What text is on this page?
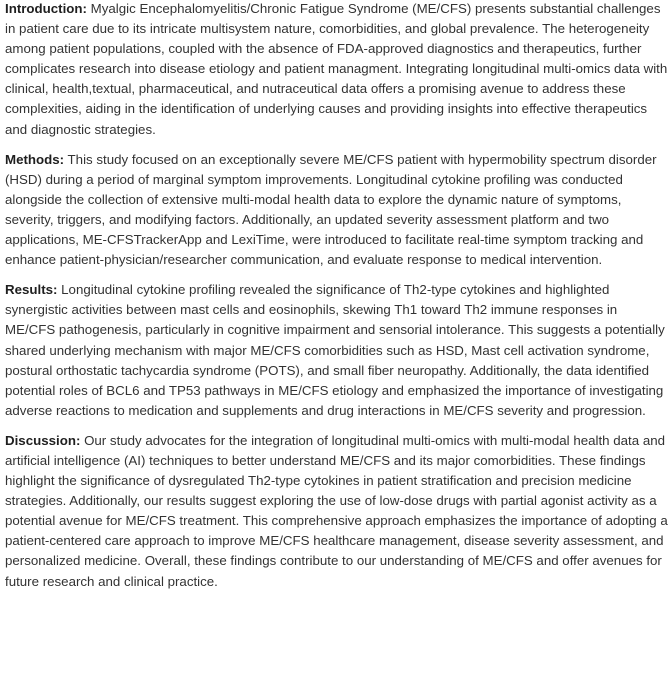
Introduction: Myalgic Encephalomyelitis/Chronic Fatigue Syndrome (ME/CFS) presents substantial challenges in patient care due to its intricate multisystem nature, comorbidities, and global prevalence. The heterogeneity among patient populations, coupled with the absence of FDA-approved diagnostics and therapeutics, further complicates research into disease etiology and patient managment. Integrating longitudinal multi-omics data with clinical, health,textual, pharmaceutical, and nutraceutical data offers a promising avenue to address these complexities, aiding in the identification of underlying causes and providing insights into effective therapeutics and diagnostic strategies.

Methods: This study focused on an exceptionally severe ME/CFS patient with hypermobility spectrum disorder (HSD) during a period of marginal symptom improvements. Longitudinal cytokine profiling was conducted alongside the collection of extensive multi-modal health data to explore the dynamic nature of symptoms, severity, triggers, and modifying factors. Additionally, an updated severity assessment platform and two applications, ME-CFSTrackerApp and LexiTime, were introduced to facilitate real-time symptom tracking and enhance patient-physician/researcher communication, and evaluate response to medical intervention.

Results: Longitudinal cytokine profiling revealed the significance of Th2-type cytokines and highlighted synergistic activities between mast cells and eosinophils, skewing Th1 toward Th2 immune responses in ME/CFS pathogenesis, particularly in cognitive impairment and sensorial intolerance. This suggests a potentially shared underlying mechanism with major ME/CFS comorbidities such as HSD, Mast cell activation syndrome, postural orthostatic tachycardia syndrome (POTS), and small fiber neuropathy. Additionally, the data identified potential roles of BCL6 and TP53 pathways in ME/CFS etiology and emphasized the importance of investigating adverse reactions to medication and supplements and drug interactions in ME/CFS severity and progression.

Discussion: Our study advocates for the integration of longitudinal multi-omics with multi-modal health data and artificial intelligence (AI) techniques to better understand ME/CFS and its major comorbidities. These findings highlight the significance of dysregulated Th2-type cytokines in patient stratification and precision medicine strategies. Additionally, our results suggest exploring the use of low-dose drugs with partial agonist activity as a potential avenue for ME/CFS treatment. This comprehensive approach emphasizes the importance of adopting a patient-centered care approach to improve ME/CFS healthcare management, disease severity assessment, and personalized medicine. Overall, these findings contribute to our understanding of ME/CFS and offer avenues for future research and clinical practice.
